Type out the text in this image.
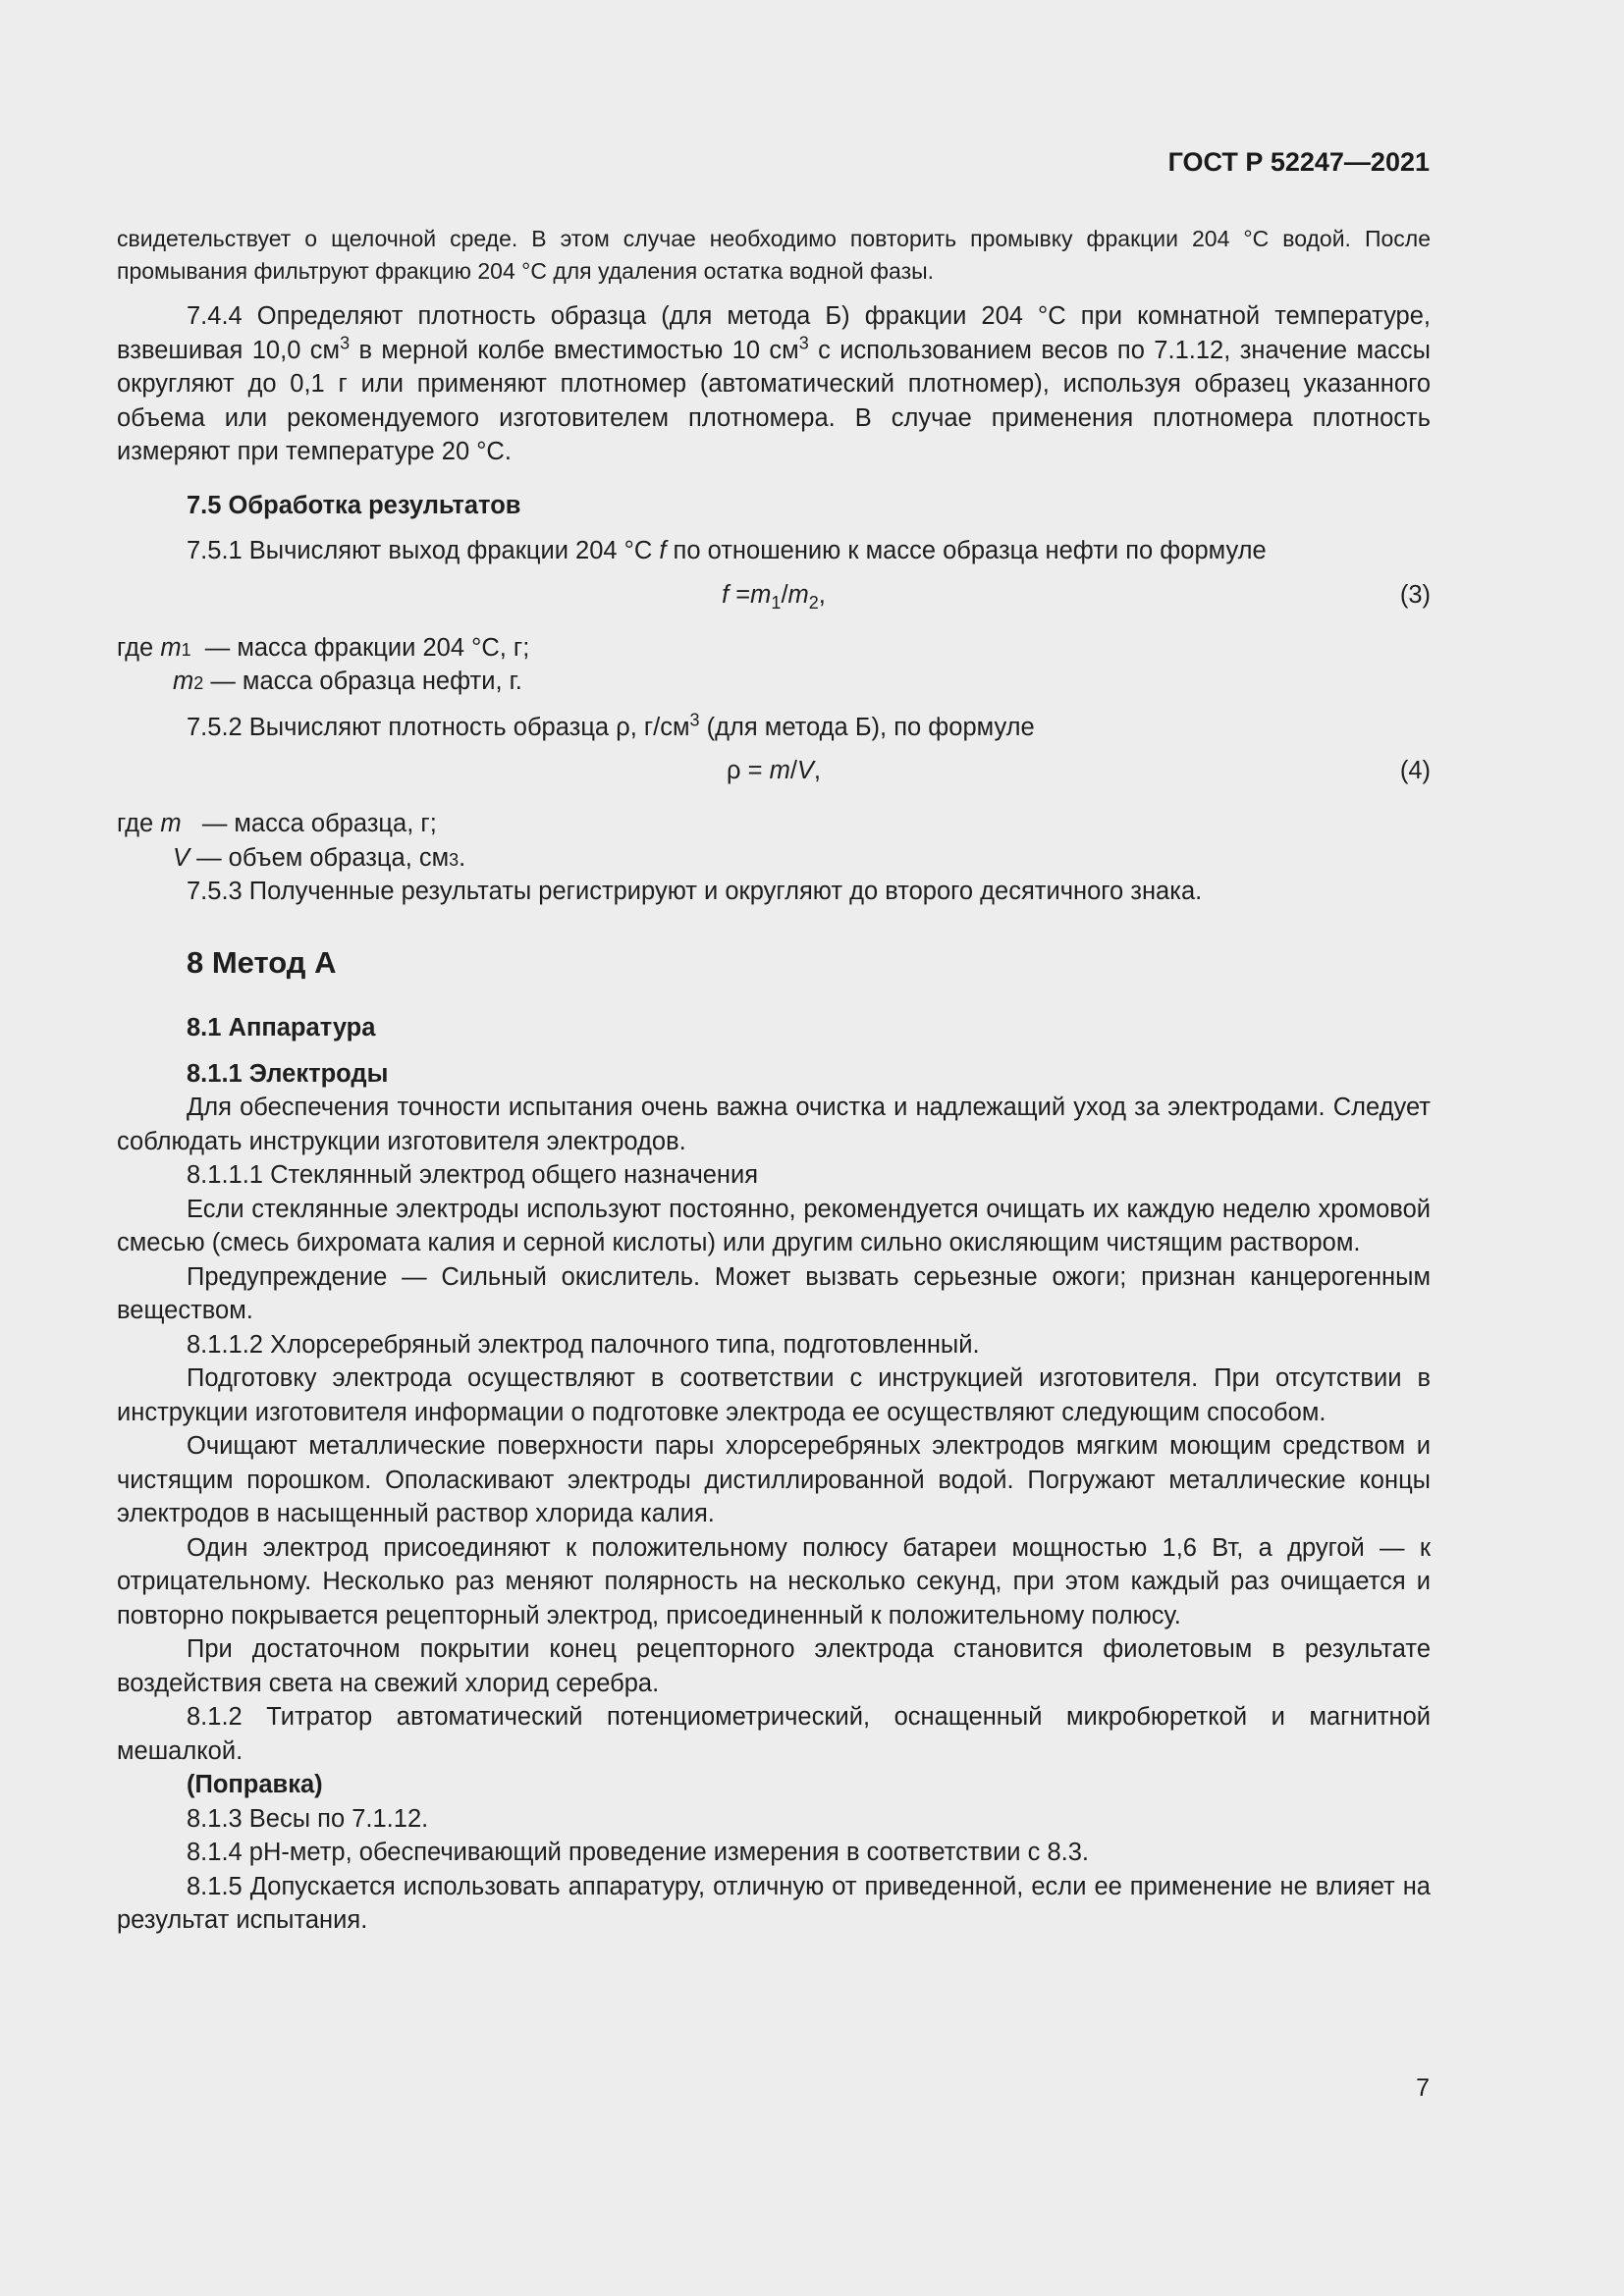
ГОСТ Р 52247—2021

свидетельствует о щелочной среде. В этом случае необходимо повторить промывку фракции 204 °С водой. После промывания фильтруют фракцию 204 °С для удаления остатка водной фазы.

7.4.4 Определяют плотность образца (для метода Б) фракции 204 °С при комнатной температуре, взвешивая 10,0 $см^3$ в мерной колбе вместимостью 10 $см^3$ с использованием весов по 7.1.12, значение массы округляют до 0,1 г или применяют плотномер (автоматический плотномер), используя образец указанного объема или рекомендуемого изготовителем плотномера. В случае применения плотномера плотность измеряют при температуре 20 °С.

7.5 Обработка результатов

7.5.1 Вычисляют выход фракции 204 °С f по отношению к массе образца нефти по формуле

$f =m_1/m_2$,	(3)
где m 1 — масса фракции 204 °С, г;
m 2 — масса образца нефти, г.

7.5.2 Вычисляют плотность образца ρ, $г/см^3$ (для метода Б), по формуле

ρ = m/V,	(4)
где m — масса образца, г;
V — объем образца, см 3 .

7.5.3 Полученные результаты регистрируют и округляют до второго десятичного знака.

8 Метод А

8.1 Аппаратура

8.1.1 Электроды

Для обеспечения точности испытания очень важна очистка и надлежащий уход за электродами. Следует соблюдать инструкции изготовителя электродов.

8.1.1.1 Стеклянный электрод общего назначения

Если стеклянные электроды используют постоянно, рекомендуется очищать их каждую неделю хромовой смесью (смесь бихромата калия и серной кислоты) или другим сильно окисляющим чистящим раствором.

Предупреждение — Сильный окислитель. Может вызвать серьезные ожоги; признан канцерогенным веществом.

8.1.1.2 Хлорсеребряный электрод палочного типа, подготовленный.

Подготовку электрода осуществляют в соответствии с инструкцией изготовителя. При отсутствии в инструкции изготовителя информации о подготовке электрода ее осуществляют следующим способом.

Очищают металлические поверхности пары хлорсеребряных электродов мягким моющим средством и чистящим порошком. Ополаскивают электроды дистиллированной водой. Погружают металлические концы электродов в насыщенный раствор хлорида калия.

Один электрод присоединяют к положительному полюсу батареи мощностью 1,6 Вт, а другой — к отрицательному. Несколько раз меняют полярность на несколько секунд, при этом каждый раз очищается и повторно покрывается рецепторный электрод, присоединенный к положительному полюсу.

При достаточном покрытии конец рецепторного электрода становится фиолетовым в результате воздействия света на свежий хлорид серебра.

8.1.2 Титратор автоматический потенциометрический, оснащенный микробюреткой и магнитной мешалкой.

(Поправка)

8.1.3 Весы по 7.1.12.

8.1.4 рН-метр, обеспечивающий проведение измерения в соответствии с 8.3.

8.1.5 Допускается использовать аппаратуру, отличную от приведенной, если ее применение не влияет на результат испытания.

7
